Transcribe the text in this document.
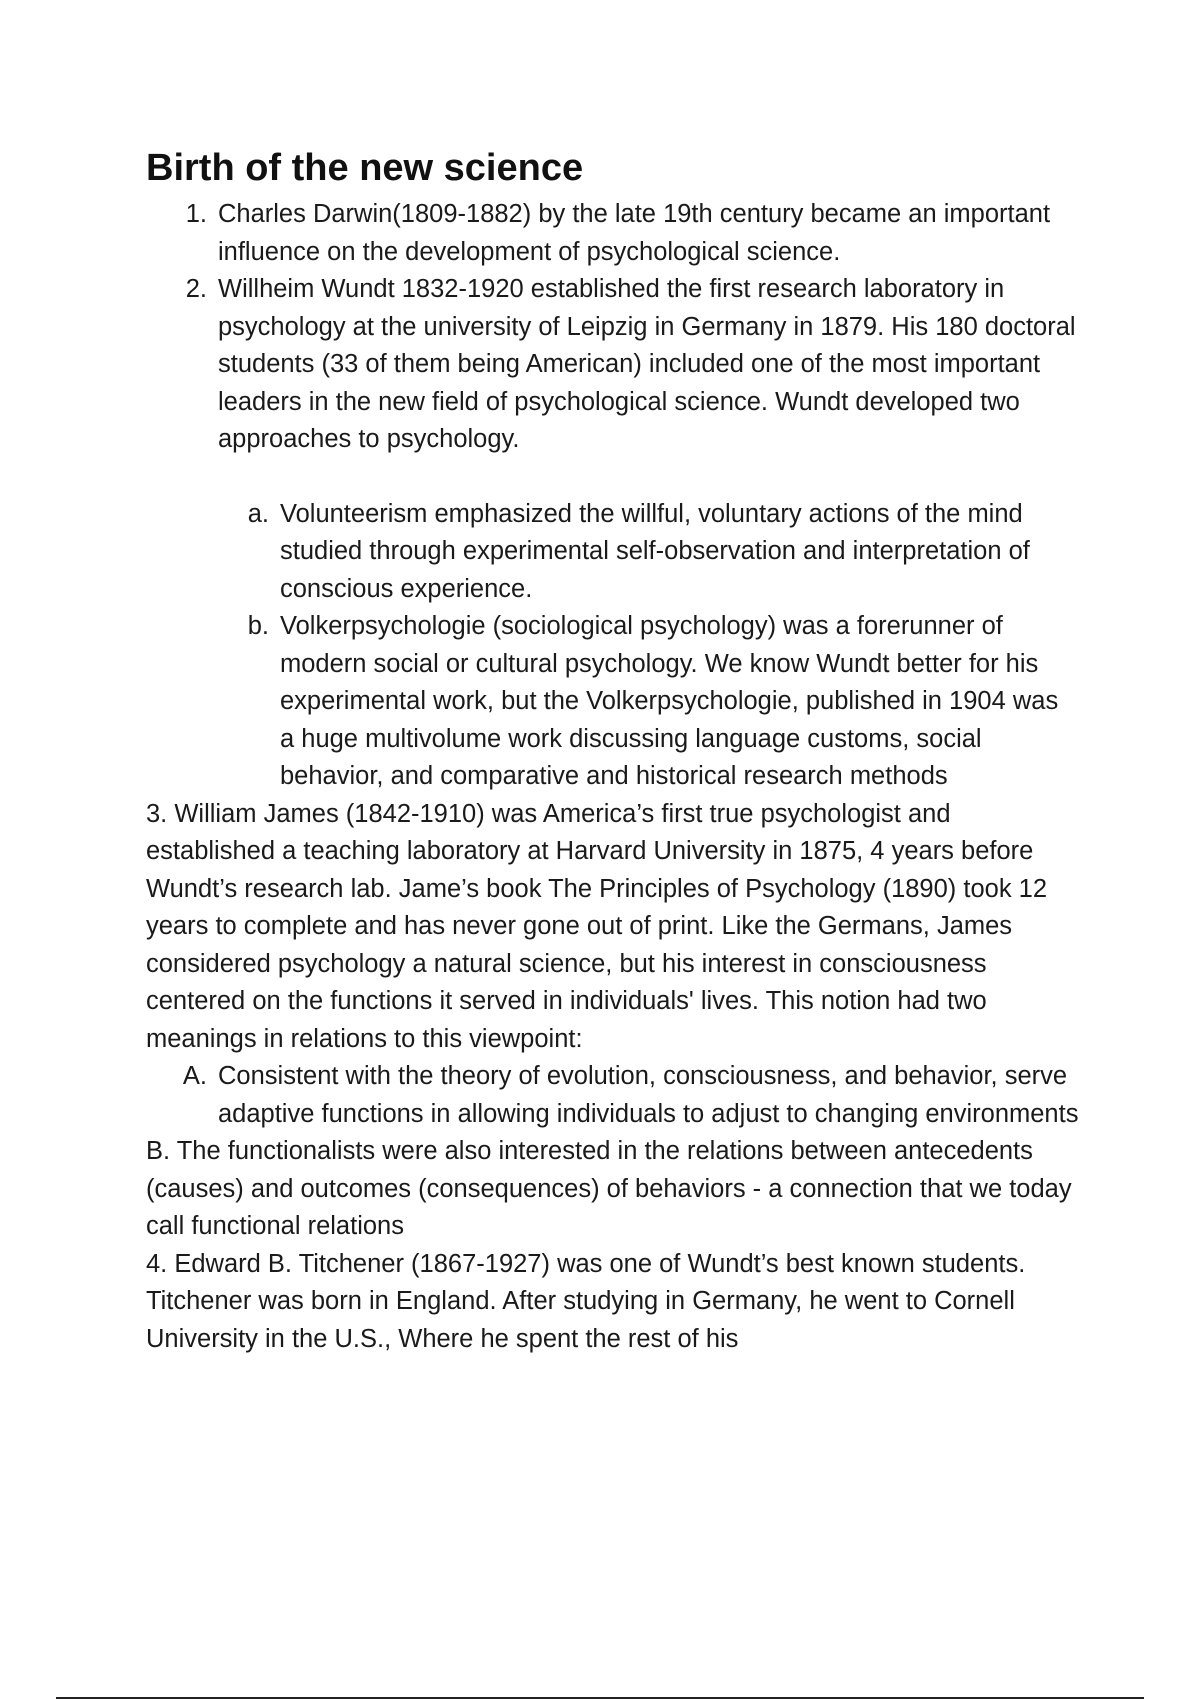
Birth of the new science
1. Charles Darwin(1809-1882) by the late 19th century became an important influence on the development of psychological science.
2. Willheim Wundt 1832-1920 established the first research laboratory in psychology at the university of Leipzig in Germany in 1879. His 180 doctoral students (33 of them being American) included one of the most important leaders in the new field of psychological science. Wundt developed two approaches to psychology.
a. Volunteerism emphasized the willful, voluntary actions of the mind studied through experimental self-observation and interpretation of conscious experience.
b. Volkerpsychologie (sociological psychology) was a forerunner of modern social or cultural psychology. We know Wundt better for his experimental work, but the Volkerpsychologie, published in 1904 was a huge multivolume work discussing language customs, social behavior, and comparative and historical research methods

3. William James (1842-1910) was America’s first true psychologist and established a teaching laboratory at Harvard University in 1875, 4 years before Wundt’s research lab. Jame’s book The Principles of Psychology (1890) took 12 years to complete and has never gone out of print. Like the Germans, James considered psychology a natural science, but his interest in consciousness centered on the functions it served in individuals' lives. This notion had two meanings in relations to this viewpoint:

A. Consistent with the theory of evolution, consciousness, and behavior, serve adaptive functions in allowing individuals to adjust to changing environments

B. The functionalists were also interested in the relations between antecedents (causes) and outcomes (consequences) of behaviors - a connection that we today call functional relations

4. Edward B. Titchener (1867-1927) was one of Wundt’s best known students. Titchener was born in England. After studying in Germany, he went to Cornell University in the U.S., Where he spent the rest of his
